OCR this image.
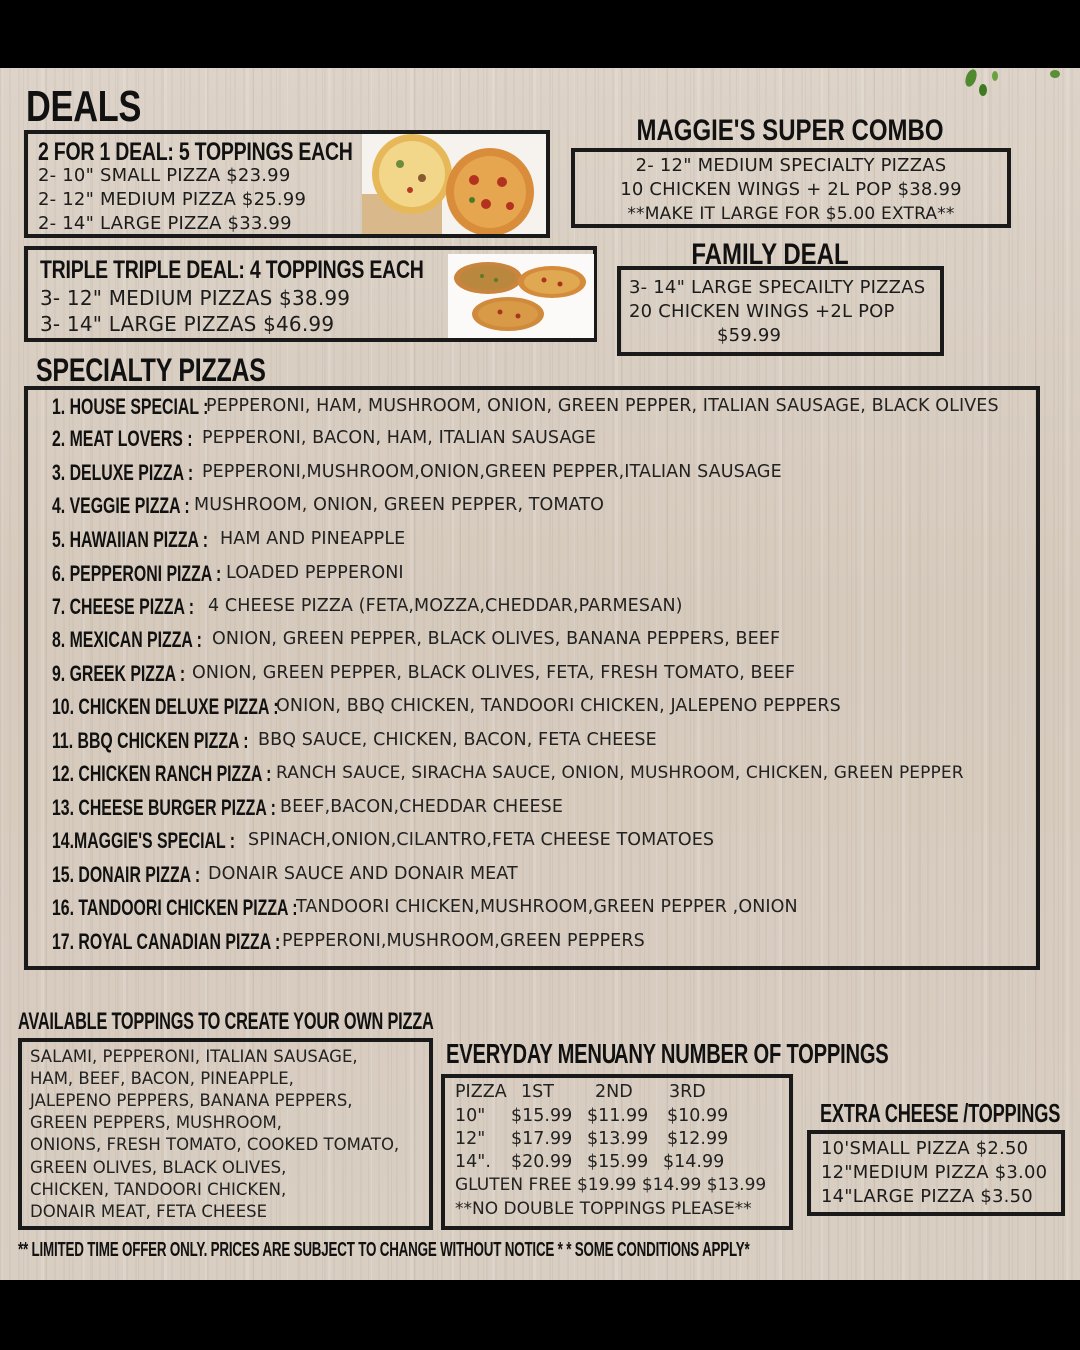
DEALS
2 FOR 1 DEAL: 5 TOPPINGS EACH
2- 10" SMALL PIZZA $23.99
2- 12" MEDIUM PIZZA $25.99
2- 14" LARGE PIZZA $33.99
TRIPLE TRIPLE DEAL: 4 TOPPINGS EACH
3- 12" MEDIUM PIZZAS $38.99
3- 14" LARGE PIZZAS $46.99
MAGGIE'S SUPER COMBO
2- 12" MEDIUM SPECIALTY PIZZAS
10 CHICKEN WINGS + 2L POP $38.99
**MAKE IT LARGE FOR $5.00 EXTRA**
FAMILY DEAL
3- 14" LARGE SPECAILTY PIZZAS
20 CHICKEN WINGS +2L POP
$59.99
SPECIALTY PIZZAS
1. HOUSE SPECIAL :
PEPPERONI, HAM, MUSHROOM, ONION, GREEN PEPPER, ITALIAN SAUSAGE, BLACK OLIVES
2. MEAT LOVERS : PEPPERONI, BACON, HAM, ITALIAN SAUSAGE
3. DELUXE PIZZA : PEPPERONI,MUSHROOM,ONION,GREEN PEPPER,ITALIAN SAUSAGE
4. VEGGIE PIZZA : MUSHROOM, ONION, GREEN PEPPER, TOMATO
5. HAWAIIAN PIZZA : HAM AND PINEAPPLE
6. PEPPERONI PIZZA : LOADED PEPPERONI
7. CHEESE PIZZA : 4 CHEESE PIZZA (FETA,MOZZA,CHEDDAR,PARMESAN)
8. MEXICAN PIZZA : ONION, GREEN PEPPER, BLACK OLIVES, BANANA PEPPERS, BEEF
9. GREEK PIZZA : ONION, GREEN PEPPER, BLACK OLIVES, FETA, FRESH TOMATO, BEEF
10. CHICKEN DELUXE PIZZA :
ONION, BBQ CHICKEN, TANDOORI CHICKEN, JALEPENO PEPPERS
11. BBQ CHICKEN PIZZA : BBQ SAUCE, CHICKEN, BACON, FETA CHEESE
12. CHICKEN RANCH PIZZA : RANCH SAUCE, SIRACHA SAUCE, ONION, MUSHROOM, CHICKEN, GREEN PEPPER
13. CHEESE BURGER PIZZA : BEEF,BACON,CHEDDAR CHEESE
14.MAGGIE'S SPECIAL : SPINACH,ONION,CILANTRO,FETA CHEESE TOMATOES
15. DONAIR PIZZA : DONAIR SAUCE AND DONAIR MEAT
16. TANDOORI CHICKEN PIZZA :
TANDOORI CHICKEN,MUSHROOM,GREEN PEPPER ,ONION
17. ROYAL CANADIAN PIZZA : PEPPERONI,MUSHROOM,GREEN PEPPERS
AVAILABLE TOPPINGS TO CREATE YOUR OWN PIZZA
SALAMI, PEPPERONI, ITALIAN SAUSAGE,
HAM, BEEF, BACON, PINEAPPLE,
JALEPENO PEPPERS, BANANA PEPPERS,
GREEN PEPPERS, MUSHROOM,
ONIONS, FRESH TOMATO, COOKED TOMATO,
GREEN OLIVES, BLACK OLIVES,
CHICKEN, TANDOORI CHICKEN,
DONAIR MEAT, FETA CHEESE
EVERYDAY MENU
ANY NUMBER OF TOPPINGS
PIZZA 1ST 2ND 3RD
10" $15.99 $11.99 $10.99
12" $17.99 $13.99 $12.99
14". $20.99 $15.99 $14.99
GLUTEN FREE $19.99 $14.99 $13.99
**NO DOUBLE TOPPINGS PLEASE**
EXTRA CHEESE /TOPPINGS
10'SMALL PIZZA $2.50
12"MEDIUM PIZZA $3.00
14"LARGE PIZZA $3.50
** LIMITED TIME OFFER ONLY. PRICES ARE SUBJECT TO CHANGE WITHOUT NOTICE * * SOME CONDITIONS APPLY*
